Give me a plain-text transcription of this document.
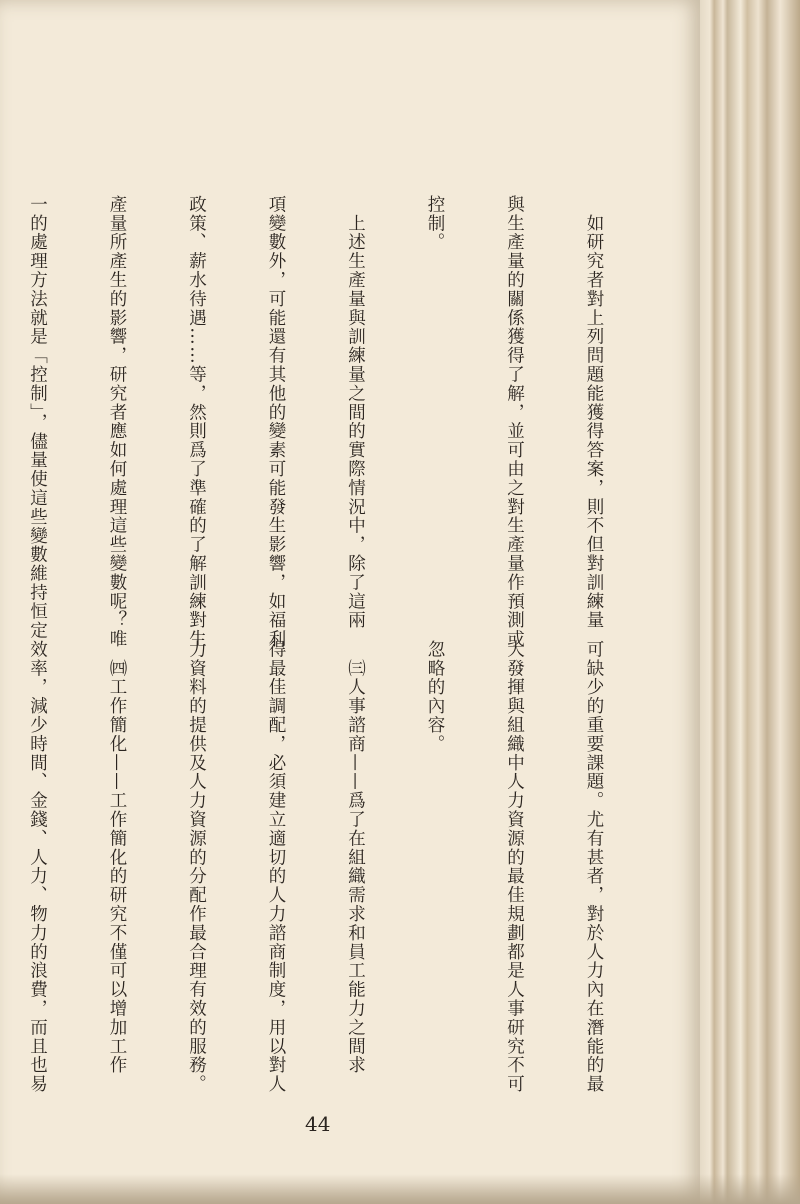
　如研究者對上列問題能獲得答案，則不但對訓練量

與生產量的關係獲得了解，並可由之對生產量作預測或

控制。

　上述生產量與訓練量之間的實際情況中，除了這兩

項變數外，可能還有其他的變素可能發生影響，如福利

政策、薪水待遇……等，然則爲了準確的了解訓練對生

產量所產生的影響，研究者應如何處理這些變數呢？唯

一的處理方法就是「控制」，儘量使這些變數維持恒定

可缺少的重要課題。尤有甚者，對於人力內在潛能的最

大發揮與組織中人力資源的最佳規劃都是人事研究不可

忽略的內容。

　㈢人事諮商——爲了在組織需求和員工能力之間求

得最佳調配，必須建立適切的人力諮商制度，用以對人

力資料的提供及人力資源的分配作最合理有效的服務。

　㈣工作簡化——工作簡化的研究不僅可以增加工作

效率，減少時間、金錢、人力、物力的浪費，而且也易

44
